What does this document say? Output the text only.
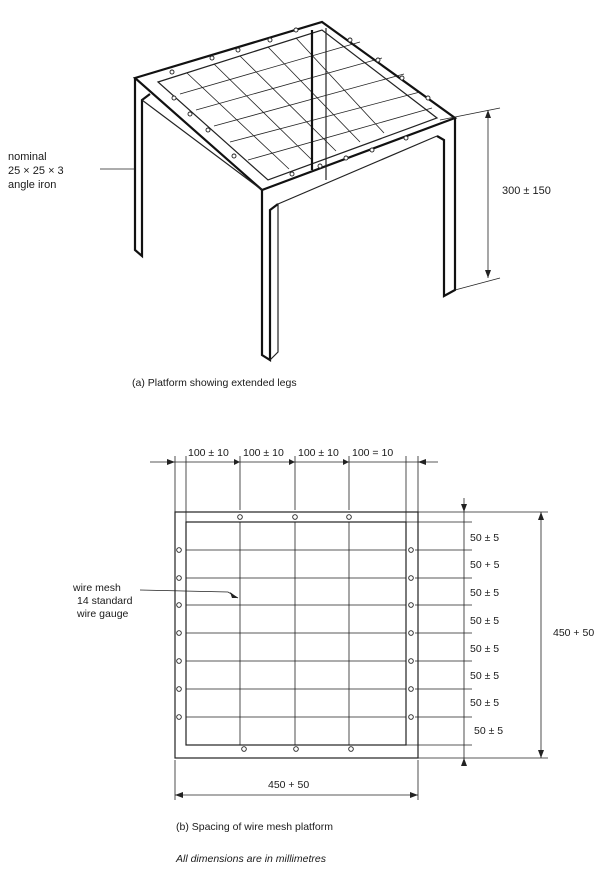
nominal
25 × 25 × 3
angle iron	300 ± 150
(a) Platform showing extended legs
100 ± 10 100 ± 10 100 ± 10 100 = 10
50 ± 5
50 + 5
50 ± 5
50 ± 5
50 ± 5
50 ± 5
50 ± 5
50 ± 5
450 + 50
450 + 50
wire mesh
14 standard
wire gauge
(b) Spacing of wire mesh platform
All dimensions are in millimetres
